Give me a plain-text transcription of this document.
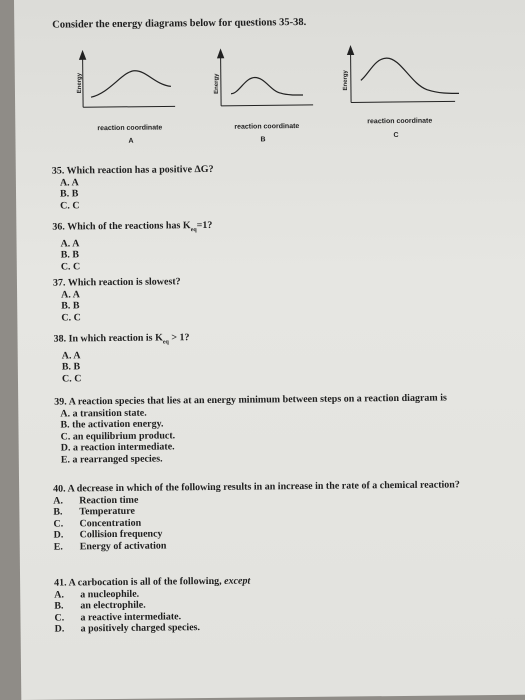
Consider the energy diagrams below for questions 35-38.
Energy	Energy	Energy
reaction coordinate	reaction coordinate
reaction coordinate
A	B
C
35. Which reaction has a positive ΔG?
A. A
B. B
C. C
36. Which of the reactions has $K_{eq}=1$?
A. A
B. B
C. C
37. Which reaction is slowest?
A. A
B. B
C. C
38. In which reaction is $K_{eq} > 1$?
A. A
B. B
C. C
39. A reaction species that lies at an energy minimum between steps on a reaction diagram is
A. a transition state.
B. the activation energy.
C. an equilibrium product.
D. a reaction intermediate.
E. a rearranged species.
40. A decrease in which of the following results in an increase in the rate of a chemical reaction?
A.	Reaction time
B.	Temperature
C.	Concentration
D.	Collision frequency
E.	Energy of activation
41. A carbocation is all of the following, except
A.	a nucleophile.
B.	an electrophile.
C.	a reactive intermediate.
D.	a positively charged species.
